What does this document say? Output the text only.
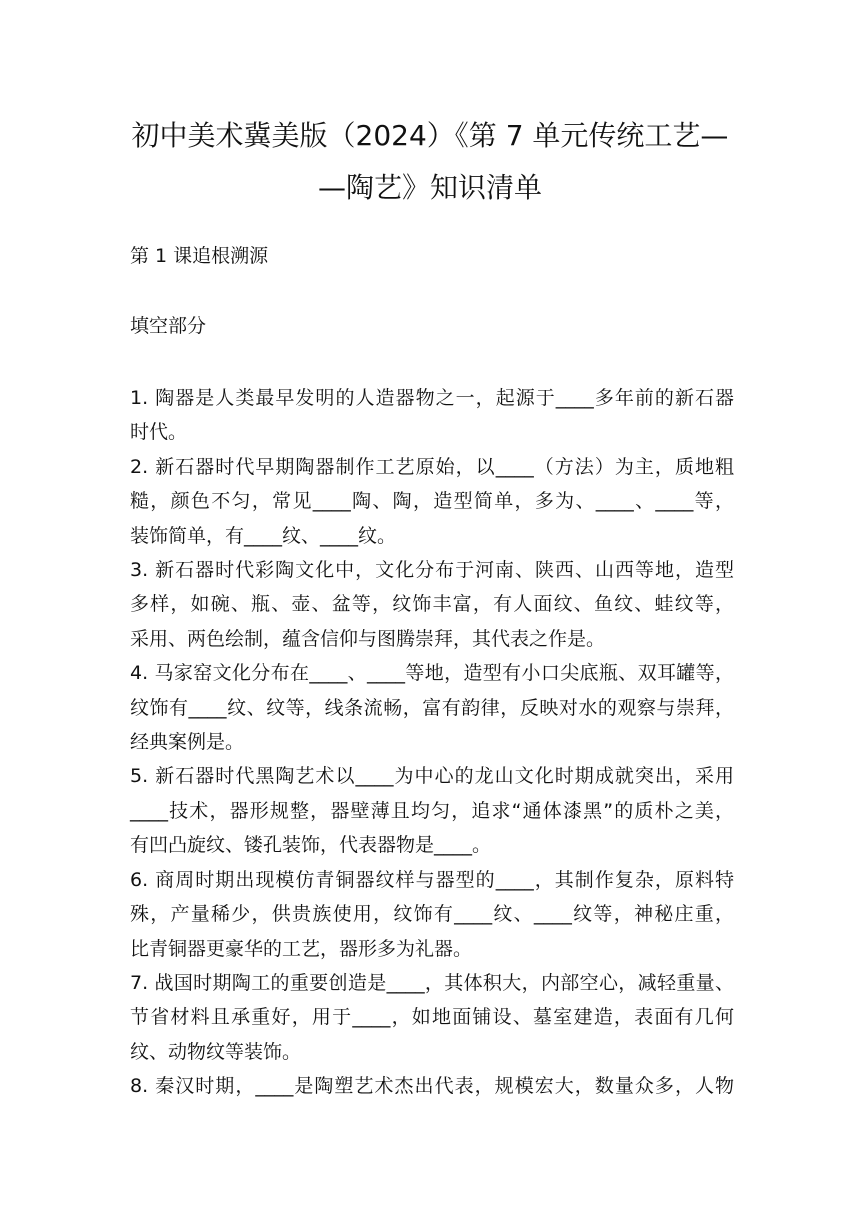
初中美术冀美版（2024）《第 7 单元传统工艺—
—陶艺》知识清单
第 1 课追根溯源
填空部分
1. 陶器是人类最早发明的人造器物之一，起源于____多年前的新石器
时代。
2. 新石器时代早期陶器制作工艺原始，以____（方法）为主，质地粗
糙，颜色不匀，常见____陶、陶，造型简单，多为、____、____等，
装饰简单，有____纹、____纹。
3. 新石器时代彩陶文化中，文化分布于河南、陕西、山西等地，造型
多样，如碗、瓶、壶、盆等，纹饰丰富，有人面纹、鱼纹、蛙纹等，
采用、两色绘制，蕴含信仰与图腾崇拜，其代表之作是。
4. 马家窑文化分布在____、____等地，造型有小口尖底瓶、双耳罐等，
纹饰有____纹、纹等，线条流畅，富有韵律，反映对水的观察与崇拜，
经典案例是。
5. 新石器时代黑陶艺术以____为中心的龙山文化时期成就突出，采用
____技术，器形规整，器壁薄且均匀，追求“通体漆黑”的质朴之美，
有凹凸旋纹、镂孔装饰，代表器物是____。
6. 商周时期出现模仿青铜器纹样与器型的____，其制作复杂，原料特
殊，产量稀少，供贵族使用，纹饰有____纹、____纹等，神秘庄重，
比青铜器更豪华的工艺，器形多为礼器。
7. 战国时期陶工的重要创造是____，其体积大，内部空心，减轻重量、
节省材料且承重好，用于____，如地面铺设、墓室建造，表面有几何
纹、动物纹等装饰。
8. 秦汉时期，____是陶塑艺术杰出代表，规模宏大，数量众多，人物
